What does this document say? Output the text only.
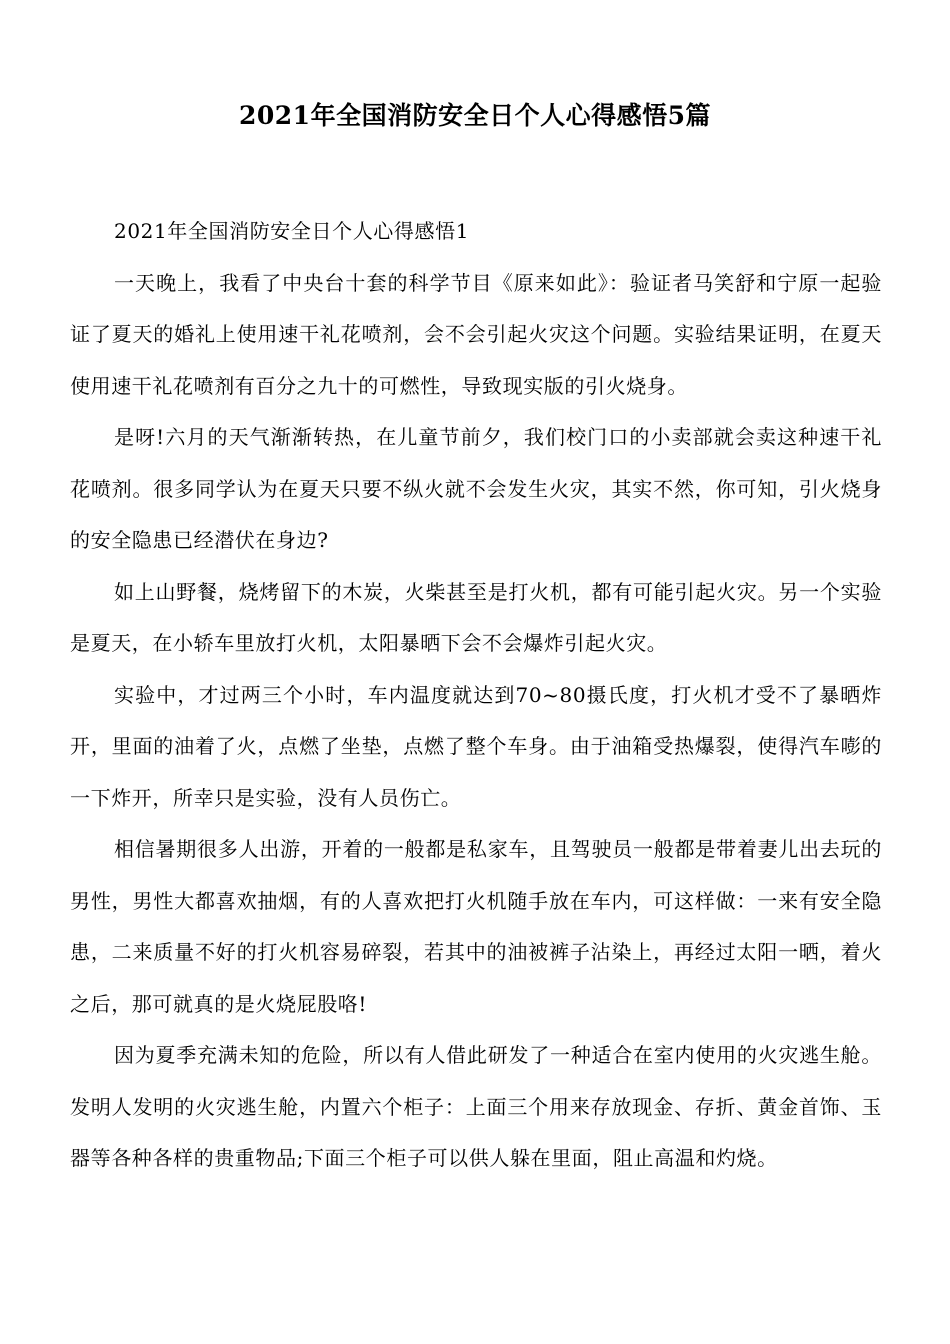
2021年全国消防安全日个人心得感悟5篇

2021年全国消防安全日个人心得感悟1

一天晚上，我看了中央台十套的科学节目《原来如此》：验证者马笑舒和宁原一起验证了夏天的婚礼上使用速干礼花喷剂，会不会引起火灾这个问题。实验结果证明，在夏天使用速干礼花喷剂有百分之九十的可燃性，导致现实版的引火烧身。

是呀!六月的天气渐渐转热，在儿童节前夕，我们校门口的小卖部就会卖这种速干礼花喷剂。很多同学认为在夏天只要不纵火就不会发生火灾，其实不然，你可知，引火烧身的安全隐患已经潜伏在身边?

如上山野餐，烧烤留下的木炭，火柴甚至是打火机，都有可能引起火灾。另一个实验是夏天，在小轿车里放打火机，太阳暴晒下会不会爆炸引起火灾。

实验中，才过两三个小时，车内温度就达到70~80摄氏度，打火机才受不了暴晒炸开，里面的油着了火，点燃了坐垫，点燃了整个车身。由于油箱受热爆裂，使得汽车嘭的一下炸开，所幸只是实验，没有人员伤亡。

相信暑期很多人出游，开着的一般都是私家车，且驾驶员一般都是带着妻儿出去玩的男性，男性大都喜欢抽烟，有的人喜欢把打火机随手放在车内，可这样做：一来有安全隐患，二来质量不好的打火机容易碎裂，若其中的油被裤子沾染上，再经过太阳一晒，着火之后，那可就真的是火烧屁股咯!

因为夏季充满未知的危险，所以有人借此研发了一种适合在室内使用的火灾逃生舱。发明人发明的火灾逃生舱，内置六个柜子：上面三个用来存放现金、存折、黄金首饰、玉器等各种各样的贵重物品;下面三个柜子可以供人躲在里面，阻止高温和灼烧。
